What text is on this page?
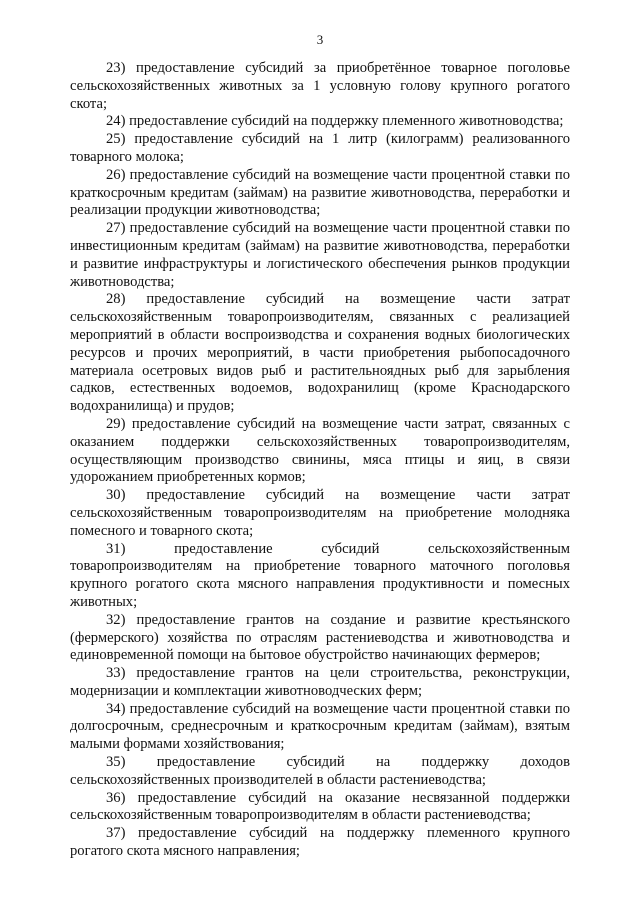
3

23) предоставление субсидий за приобретённое товарное поголовье сельскохозяйственных животных за 1 условную голову крупного рогатого скота;

24) предоставление субсидий на поддержку племенного животноводства;

25) предоставление субсидий на 1 литр (килограмм) реализованного товарного молока;

26) предоставление субсидий на возмещение части процентной ставки по краткосрочным кредитам (займам) на развитие животноводства, переработки и реализации продукции животноводства;

27) предоставление субсидий на возмещение части процентной ставки по инвестиционным кредитам (займам) на развитие животноводства, переработки и развитие инфраструктуры и логистического обеспечения рынков продукции животноводства;

28) предоставление субсидий на возмещение части затрат сельскохозяйственным товаропроизводителям, связанных с реализацией мероприятий в области воспроизводства и сохранения водных биологических ресурсов и прочих мероприятий, в части приобретения рыбопосадочного материала осетровых видов рыб и растительноядных рыб для зарыбления садков, естественных водоемов, водохранилищ (кроме Краснодарского водохранилища) и прудов;

29) предоставление субсидий на возмещение части затрат, связанных с оказанием поддержки сельскохозяйственных товаропроизводителям, осуществляющим производство свинины, мяса птицы и яиц, в связи удорожанием приобретенных кормов;

30) предоставление субсидий на возмещение части затрат сельскохозяйственным товаропроизводителям на приобретение молодняка помесного и товарного скота;

31) предоставление субсидий сельскохозяйственным товаропроизводителям на приобретение товарного маточного поголовья крупного рогатого скота мясного направления продуктивности и помесных животных;

32) предоставление грантов на создание и развитие крестьянского (фермерского) хозяйства по отраслям растениеводства и животноводства и единовременной помощи на бытовое обустройство начинающих фермеров;

33) предоставление грантов на цели строительства, реконструкции, модернизации и комплектации животноводческих ферм;

34) предоставление субсидий на возмещение части процентной ставки по долгосрочным, среднесрочным и краткосрочным кредитам (займам), взятым малыми формами хозяйствования;

35) предоставление субсидий на поддержку доходов сельскохозяйственных производителей в области растениеводства;

36) предоставление субсидий на оказание несвязанной поддержки сельскохозяйственным товаропроизводителям в области растениеводства;

37) предоставление субсидий на поддержку племенного крупного рогатого скота мясного направления;
